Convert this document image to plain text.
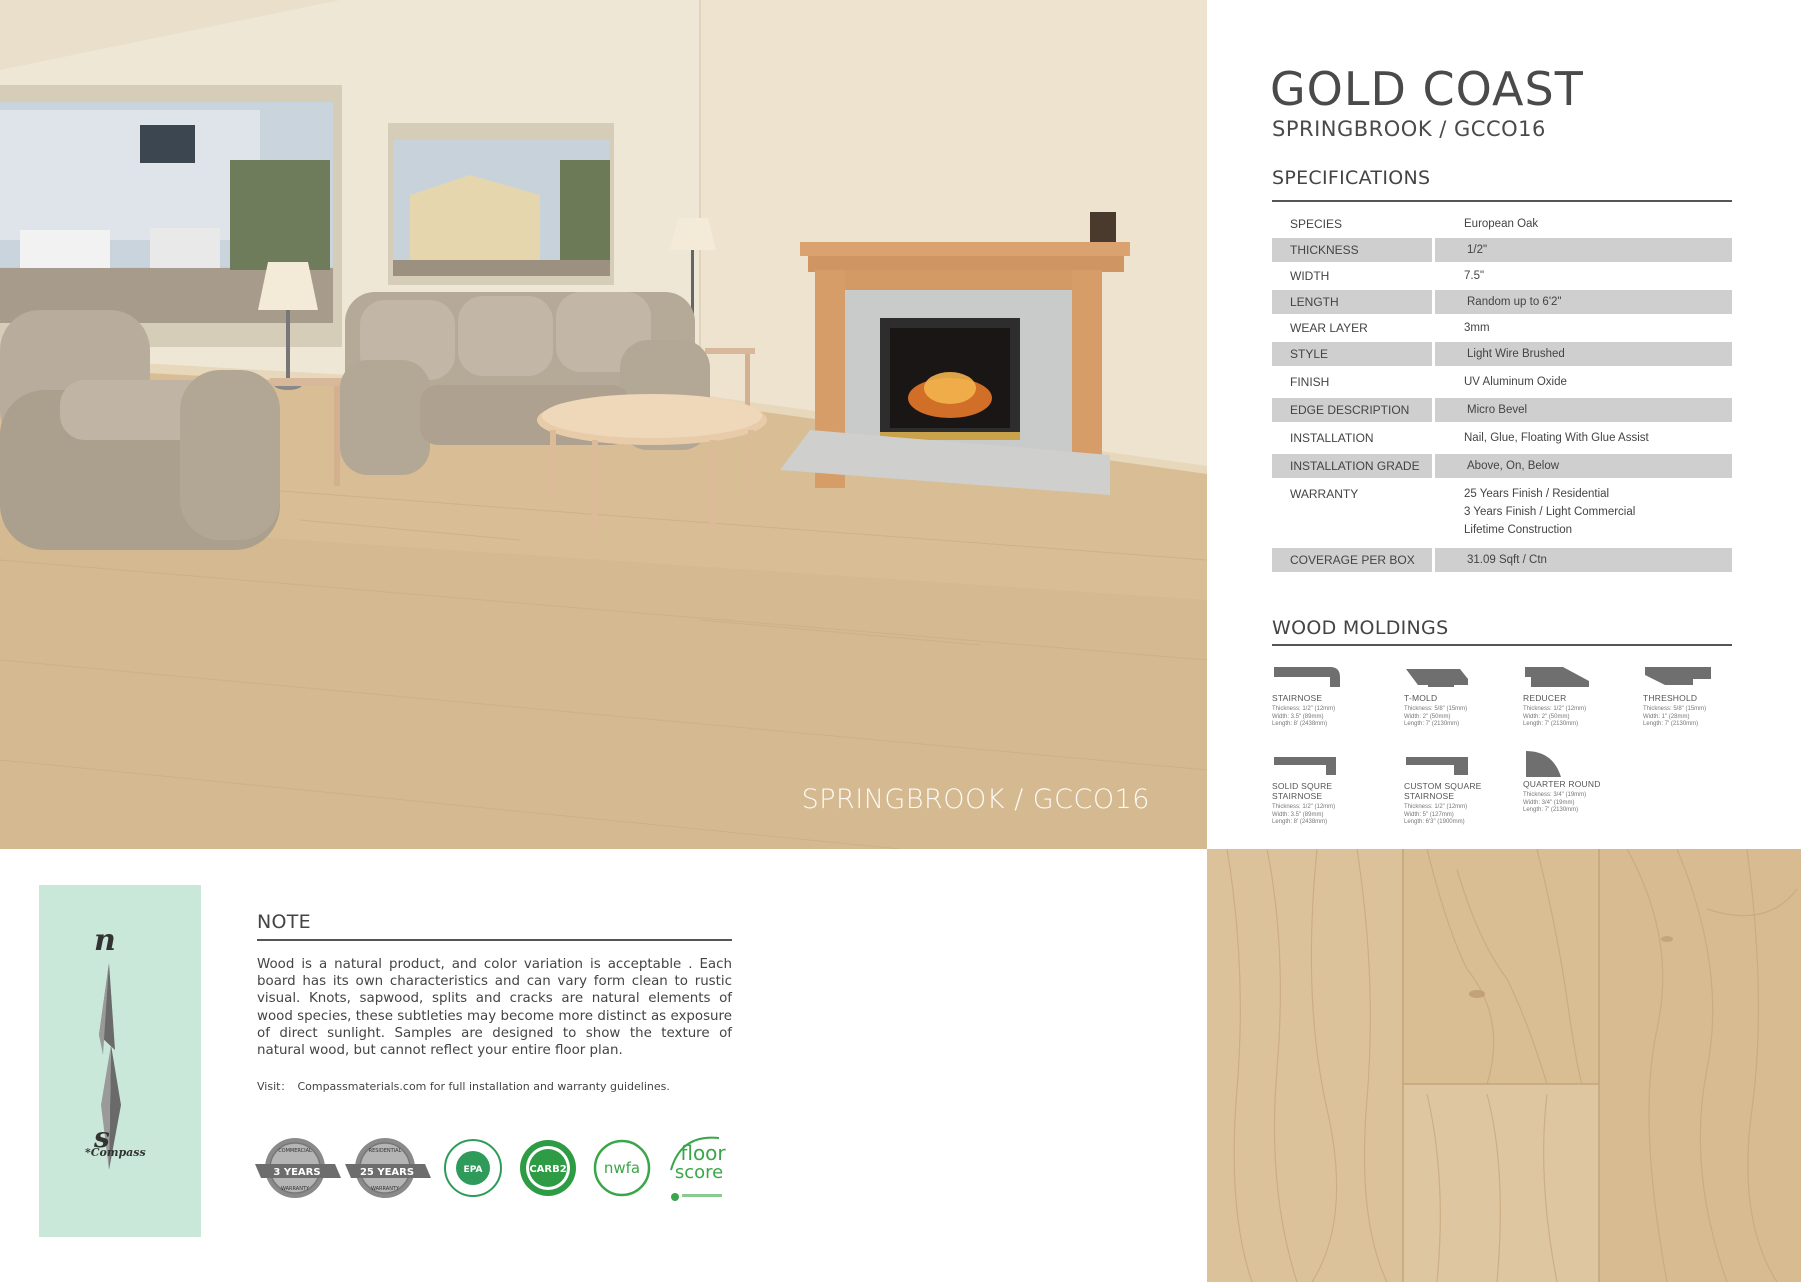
SPRINGBROOK / GCCO16
GOLD COAST
SPRINGBROOK / GCCO16
SPECIFICATIONS
SPECIES	European Oak
THICKNESS	1/2"
WIDTH	7.5"
LENGTH	Random up to 6'2"
WEAR LAYER	3mm
STYLE	Light Wire Brushed
FINISH	UV Aluminum Oxide
EDGE DESCRIPTION	Micro Bevel
INSTALLATION	Nail, Glue, Floating With Glue Assist
INSTALLATION GRADE	Above, On, Below
WARRANTY	25 Years Finish / Residential
3 Years Finish / Light Commercial
Lifetime Construction
COVERAGE PER BOX	31.09 Sqft / Ctn
WOOD MOLDINGS
STAIRNOSE
Thickness: 1/2" (12mm)
Width: 3.5" (89mm)
Length: 8' (2438mm)
T-MOLD
Thickness: 5/8" (15mm)
Width: 2" (50mm)
Length: 7' (2130mm)
REDUCER
Thickness: 1/2" (12mm)
Width: 2" (50mm)
Length: 7' (2130mm)
THRESHOLD
Thickness: 5/8" (15mm)
Width: 1" (28mm)
Length: 7' (2130mm)
SOLID SQURE STAIRNOSE
Thickness: 1/2" (12mm)
Width: 3.5" (89mm)
Length: 8' (2438mm)
CUSTOM SQUARE STAIRNOSE
Thickness: 1/2" (12mm)
Width: 5" (127mm)
Length: 6'3" (1900mm)
QUARTER ROUND
Thickness: 3/4" (19mm)
Width: 3/4" (19mm)
Length: 7' (2130mm)
n
s
*Compass
NOTE

Wood is a natural product, and color variation is acceptable . Each board has its own characteristics and can vary form clean to rustic visual. Knots, sapwood, splits and cracks are natural elements of wood species, these subtleties may become more distinct as exposure of direct sunlight. Samples are designed to show the texture of natural wood, but cannot reflect your entire floor plan.

Visit： Compassmaterials.com for full installation and warranty guidelines.
3 YEARS
COMMERCIAL
WARRANTY
25 YEARS
RESIDENTIAL
WARRANTY
EPA	CARB2 nwfa
floor
score
